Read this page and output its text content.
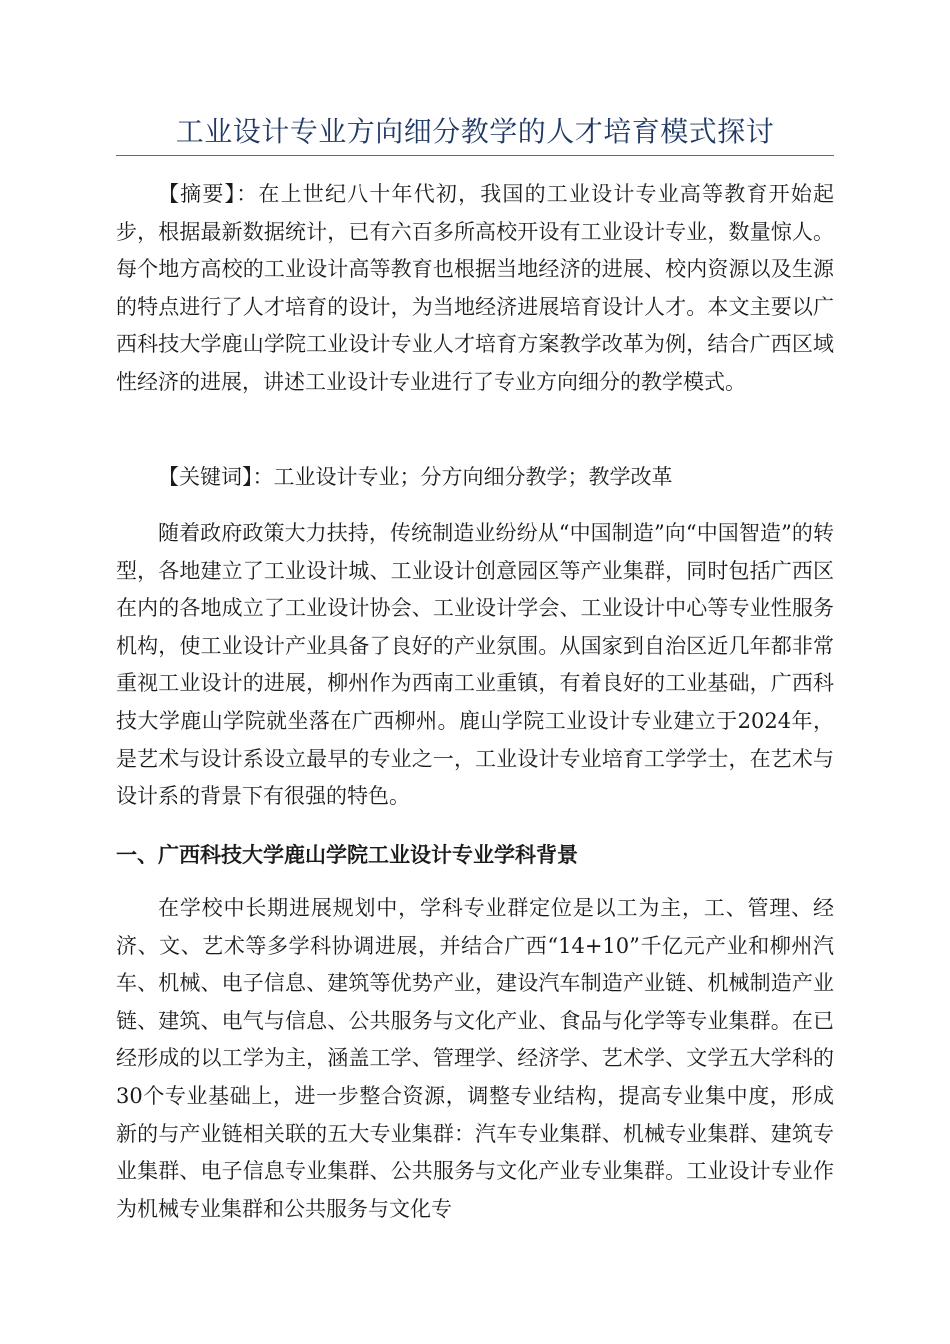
工业设计专业方向细分教学的人才培育模式探讨

【摘要】：在上世纪八十年代初，我国的工业设计专业高等教育开始起步，根据最新数据统计，已有六百多所高校开设有工业设计专业，数量惊人。每个地方高校的工业设计高等教育也根据当地经济的进展、校内资源以及生源的特点进行了人才培育的设计，为当地经济进展培育设计人才。本文主要以广西科技大学鹿山学院工业设计专业人才培育方案教学改革为例，结合广西区域性经济的进展，讲述工业设计专业进行了专业方向细分的教学模式。

【关键词】：工业设计专业；分方向细分教学；教学改革

随着政府政策大力扶持，传统制造业纷纷从“中国制造”向“中国智造”的转型，各地建立了工业设计城、工业设计创意园区等产业集群，同时包括广西区在内的各地成立了工业设计协会、工业设计学会、工业设计中心等专业性服务机构，使工业设计产业具备了良好的产业氛围。从国家到自治区近几年都非常重视工业设计的进展，柳州作为西南工业重镇，有着良好的工业基础，广西科技大学鹿山学院就坐落在广西柳州。鹿山学院工业设计专业建立于2024年，是艺术与设计系设立最早的专业之一，工业设计专业培育工学学士，在艺术与设计系的背景下有很强的特色。

一、广西科技大学鹿山学院工业设计专业学科背景

在学校中长期进展规划中，学科专业群定位是以工为主，工、管理、经济、文、艺术等多学科协调进展，并结合广西“14+10”千亿元产业和柳州汽车、机械、电子信息、建筑等优势产业，建设汽车制造产业链、机械制造产业链、建筑、电气与信息、公共服务与文化产业、食品与化学等专业集群。在已经形成的以工学为主，涵盖工学、管理学、经济学、艺术学、文学五大学科的30个专业基础上，进一步整合资源，调整专业结构，提高专业集中度，形成新的与产业链相关联的五大专业集群：汽车专业集群、机械专业集群、建筑专业集群、电子信息专业集群、公共服务与文化产业专业集群。工业设计专业作为机械专业集群和公共服务与文化专
